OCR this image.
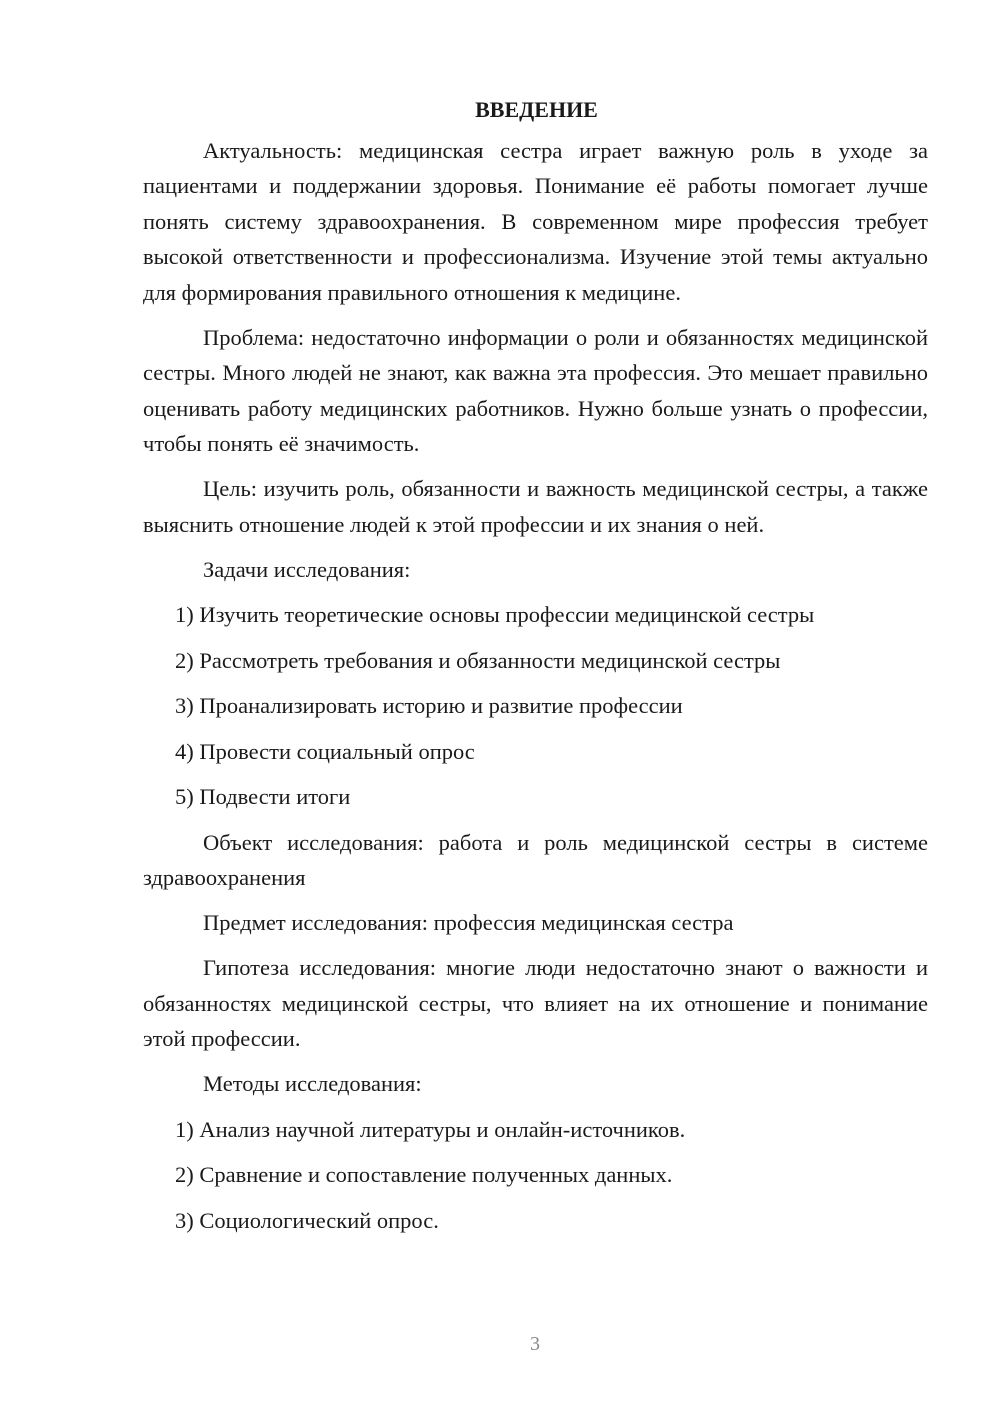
ВВЕДЕНИЕ

Актуальность: медицинская сестра играет важную роль в уходе за пациентами и поддержании здоровья. Понимание её работы помогает лучше понять систему здравоохранения. В современном мире профессия требует высокой ответственности и профессионализма. Изучение этой темы актуально для формирования правильного отношения к медицине.

Проблема: недостаточно информации о роли и обязанностях медицинской сестры. Много людей не знают, как важна эта профессия. Это мешает правильно оценивать работу медицинских работников. Нужно больше узнать о профессии, чтобы понять её значимость.

Цель: изучить роль, обязанности и важность медицинской сестры, а также выяснить отношение людей к этой профессии и их знания о ней.

Задачи исследования:
1) Изучить теоретические основы профессии медицинской сестры
2) Рассмотреть требования и обязанности медицинской сестры
3) Проанализировать историю и развитие профессии
4) Провести социальный опрос
5) Подвести итоги

Объект исследования: работа и роль медицинской сестры в системе здравоохранения

Предмет исследования: профессия медицинская сестра

Гипотеза исследования: многие люди недостаточно знают о важности и обязанностях медицинской сестры, что влияет на их отношение и понимание этой профессии.

Методы исследования:
1) Анализ научной литературы и онлайн-источников.
2) Сравнение и сопоставление полученных данных.
3) Социологический опрос.
3
